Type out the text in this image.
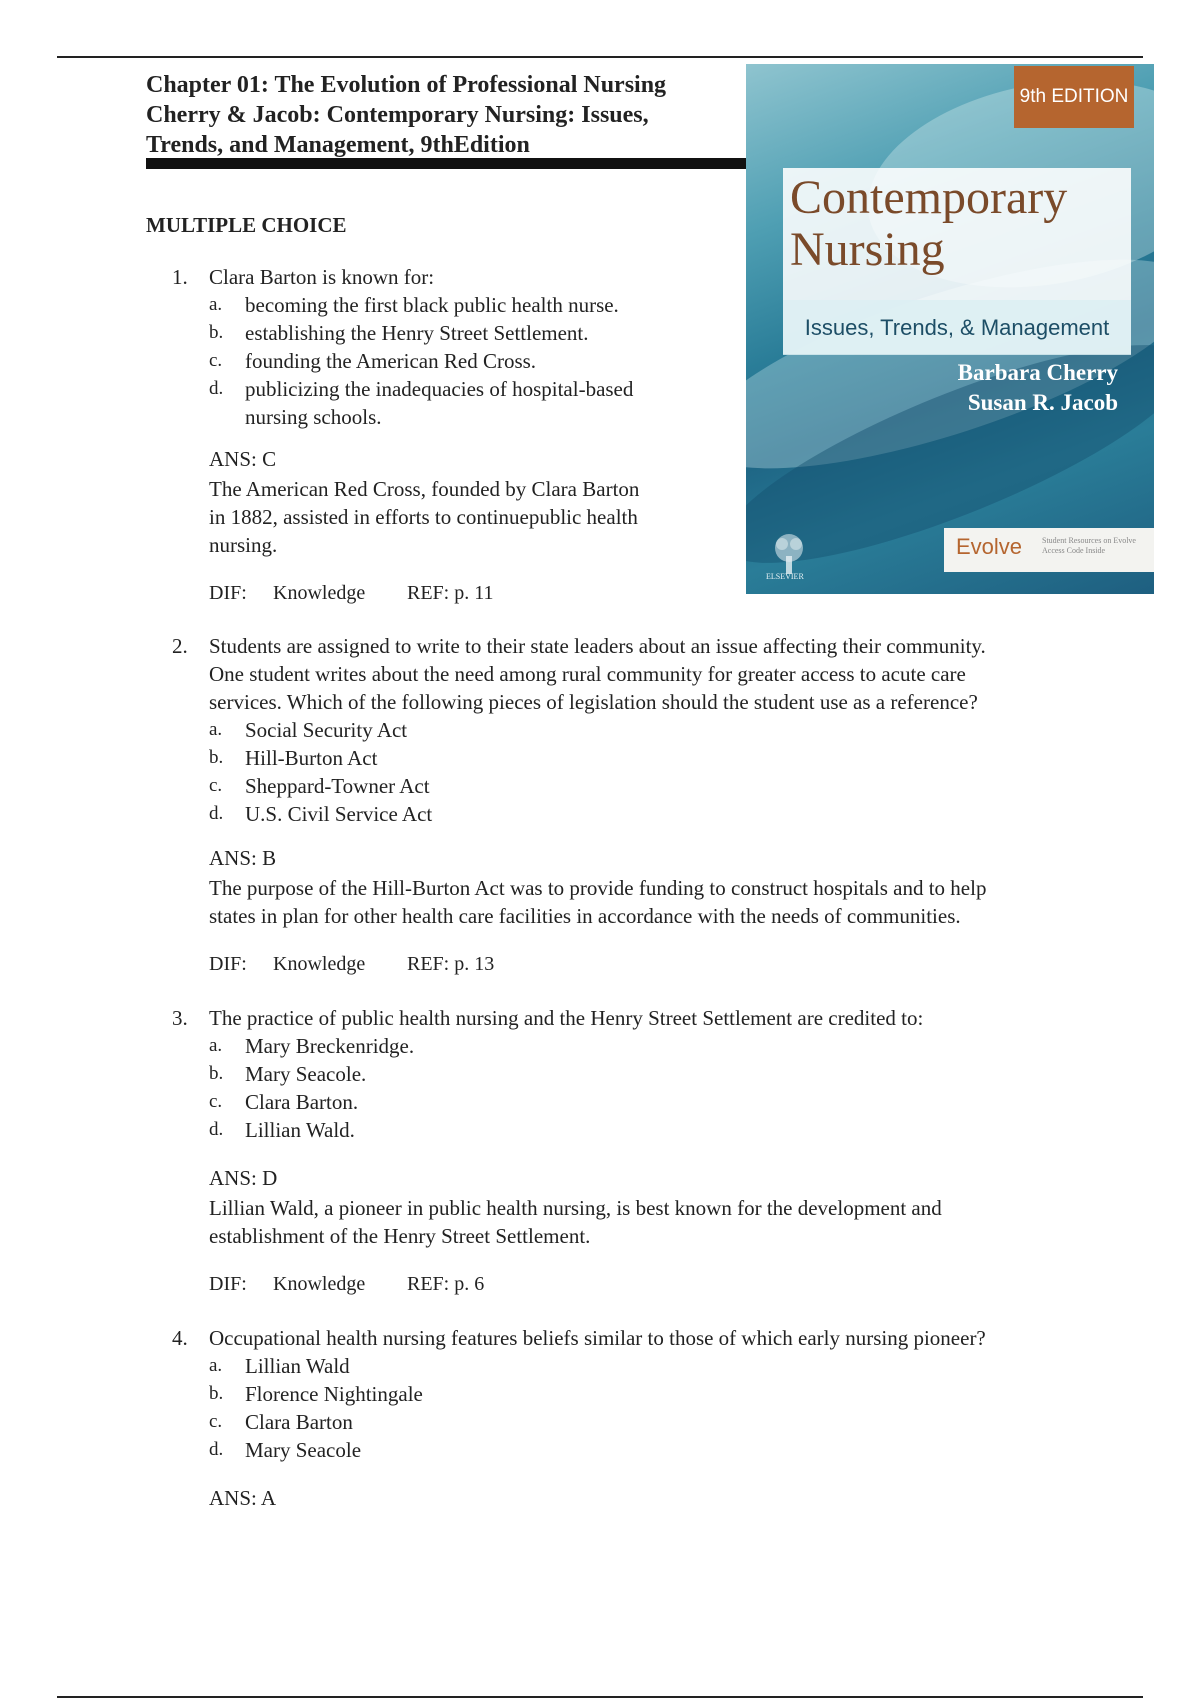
Chapter 01: The Evolution of Professional Nursing
Cherry & Jacob: Contemporary Nursing: Issues,
Trends, and Management, 9thEdition
MULTIPLE CHOICE
9th EDITION
Contemporary
Nursing
Issues, Trends, & Management
Barbara Cherry
Susan R. Jacob
ELSEVIER
Evolve Student Resources on Evolve Access Code Inside
1.	Clara Barton is known for:
a.	becoming the first black public health nurse.
b.	establishing the Henry Street Settlement.
c.	founding the American Red Cross.
d.	publicizing the inadequacies of hospital-based
nursing schools.
2.	Students are assigned to write to their state leaders about an issue affecting their community.
One student writes about the need among rural community for greater access to acute care
services. Which of the following pieces of legislation should the student use as a reference?
a.	Social Security Act
b.	Hill-Burton Act
c.	Sheppard-Towner Act
d.	U.S. Civil Service Act
3.	The practice of public health nursing and the Henry Street Settlement are credited to:
a.	Mary Breckenridge.
b.	Mary Seacole.
c.	Clara Barton.
d.	Lillian Wald.
4.	Occupational health nursing features beliefs similar to those of which early nursing pioneer?
a.	Lillian Wald
b.	Florence Nightingale
c.	Clara Barton
d.	Mary Seacole
ANS: C
The American Red Cross, founded by Clara Barton
in 1882, assisted in efforts to continuepublic health
nursing.
DIF: Knowledge REF: p. 11
ANS: B
The purpose of the Hill-Burton Act was to provide funding to construct hospitals and to help
states in plan for other health care facilities in accordance with the needs of communities.
DIF: Knowledge REF: p. 13
ANS: D
Lillian Wald, a pioneer in public health nursing, is best known for the development and
establishment of the Henry Street Settlement.
DIF: Knowledge REF: p. 6
ANS: A
